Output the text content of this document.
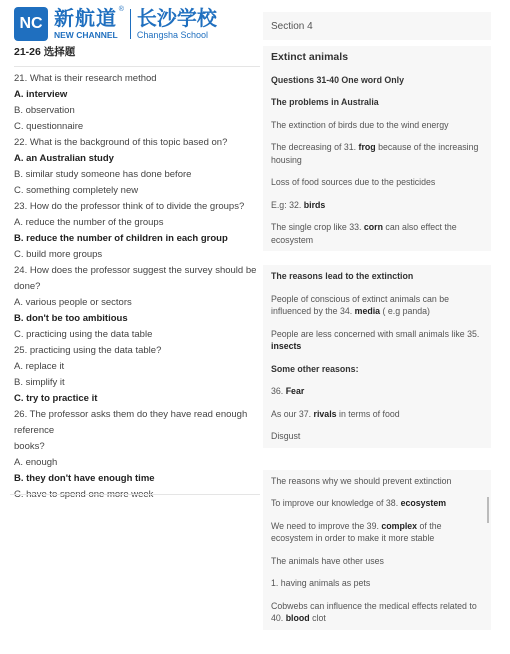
NC 新航道
NEW CHANNEL
® 长沙学校
Changsha School
21-26 选择题
21. What is their research method
A. interview
B. observation
C. questionnaire
22. What is the background of this topic based on?
A. an Australian study
B. similar study someone has done before
C. something completely new
23. How do the professor think of to divide the groups?
A. reduce the number of the groups
B. reduce the number of children in each group
C. build more groups
24. How does the professor suggest the survey should be
done?
A. various people or sectors
B. don't be too ambitious
C. practicing using the data table
25. practicing using the data table?
A. replace it
B. simplify it
C. try to practice it
26. The professor asks them do they have read enough
reference
books?
A. enough
B. they don't have enough time
Section 4
Extinct animals
Questions 31-40 One word Only
The problems in Australia
The extinction of birds due to the wind energy
The decreasing of 31. frog because of the increasing housing
Loss of food sources due to the pesticides
E.g: 32. birds
The single crop like 33. corn can also effect the ecosystem
The reasons lead to the extinction
People of conscious of extinct animals can be influenced by the 34. media ( e.g panda)
People are less concerned with small animals like 35. insects
Some other reasons:
36. Fear
As our 37. rivals in terms of food
Disgust
The reasons why we should prevent extinction
To improve our knowledge of 38. ecosystem
We need to improve the 39. complex of the ecosystem in order to make it more stable
The animals have other uses
1. having animals as pets
Cobwebs can influence the medical effects related to 40. blood clot
